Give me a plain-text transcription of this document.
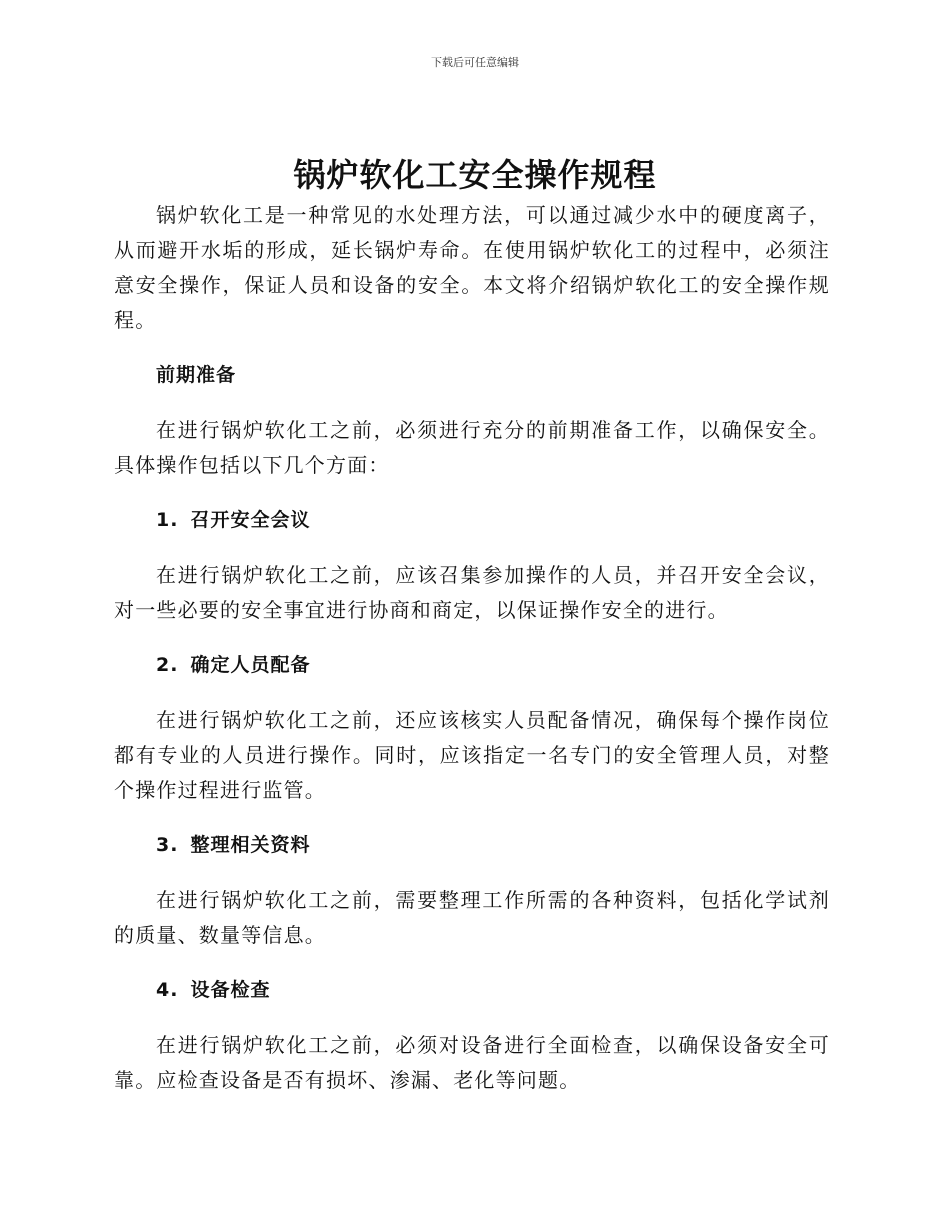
下载后可任意编辑
锅炉软化工安全操作规程

锅炉软化工是一种常见的水处理方法，可以通过减少水中的硬度离子，从而避开水垢的形成，延长锅炉寿命。在使用锅炉软化工的过程中，必须注意安全操作，保证人员和设备的安全。本文将介绍锅炉软化工的安全操作规程。

前期准备

在进行锅炉软化工之前，必须进行充分的前期准备工作，以确保安全。具体操作包括以下几个方面：

1. 召开安全会议

在进行锅炉软化工之前，应该召集参加操作的人员，并召开安全会议，对一些必要的安全事宜进行协商和商定，以保证操作安全的进行。

2. 确定人员配备

在进行锅炉软化工之前，还应该核实人员配备情况，确保每个操作岗位都有专业的人员进行操作。同时，应该指定一名专门的安全管理人员，对整个操作过程进行监管。

3. 整理相关资料

在进行锅炉软化工之前，需要整理工作所需的各种资料，包括化学试剂的质量、数量等信息。

4. 设备检查

在进行锅炉软化工之前，必须对设备进行全面检查，以确保设备安全可靠。应检查设备是否有损坏、渗漏、老化等问题。
